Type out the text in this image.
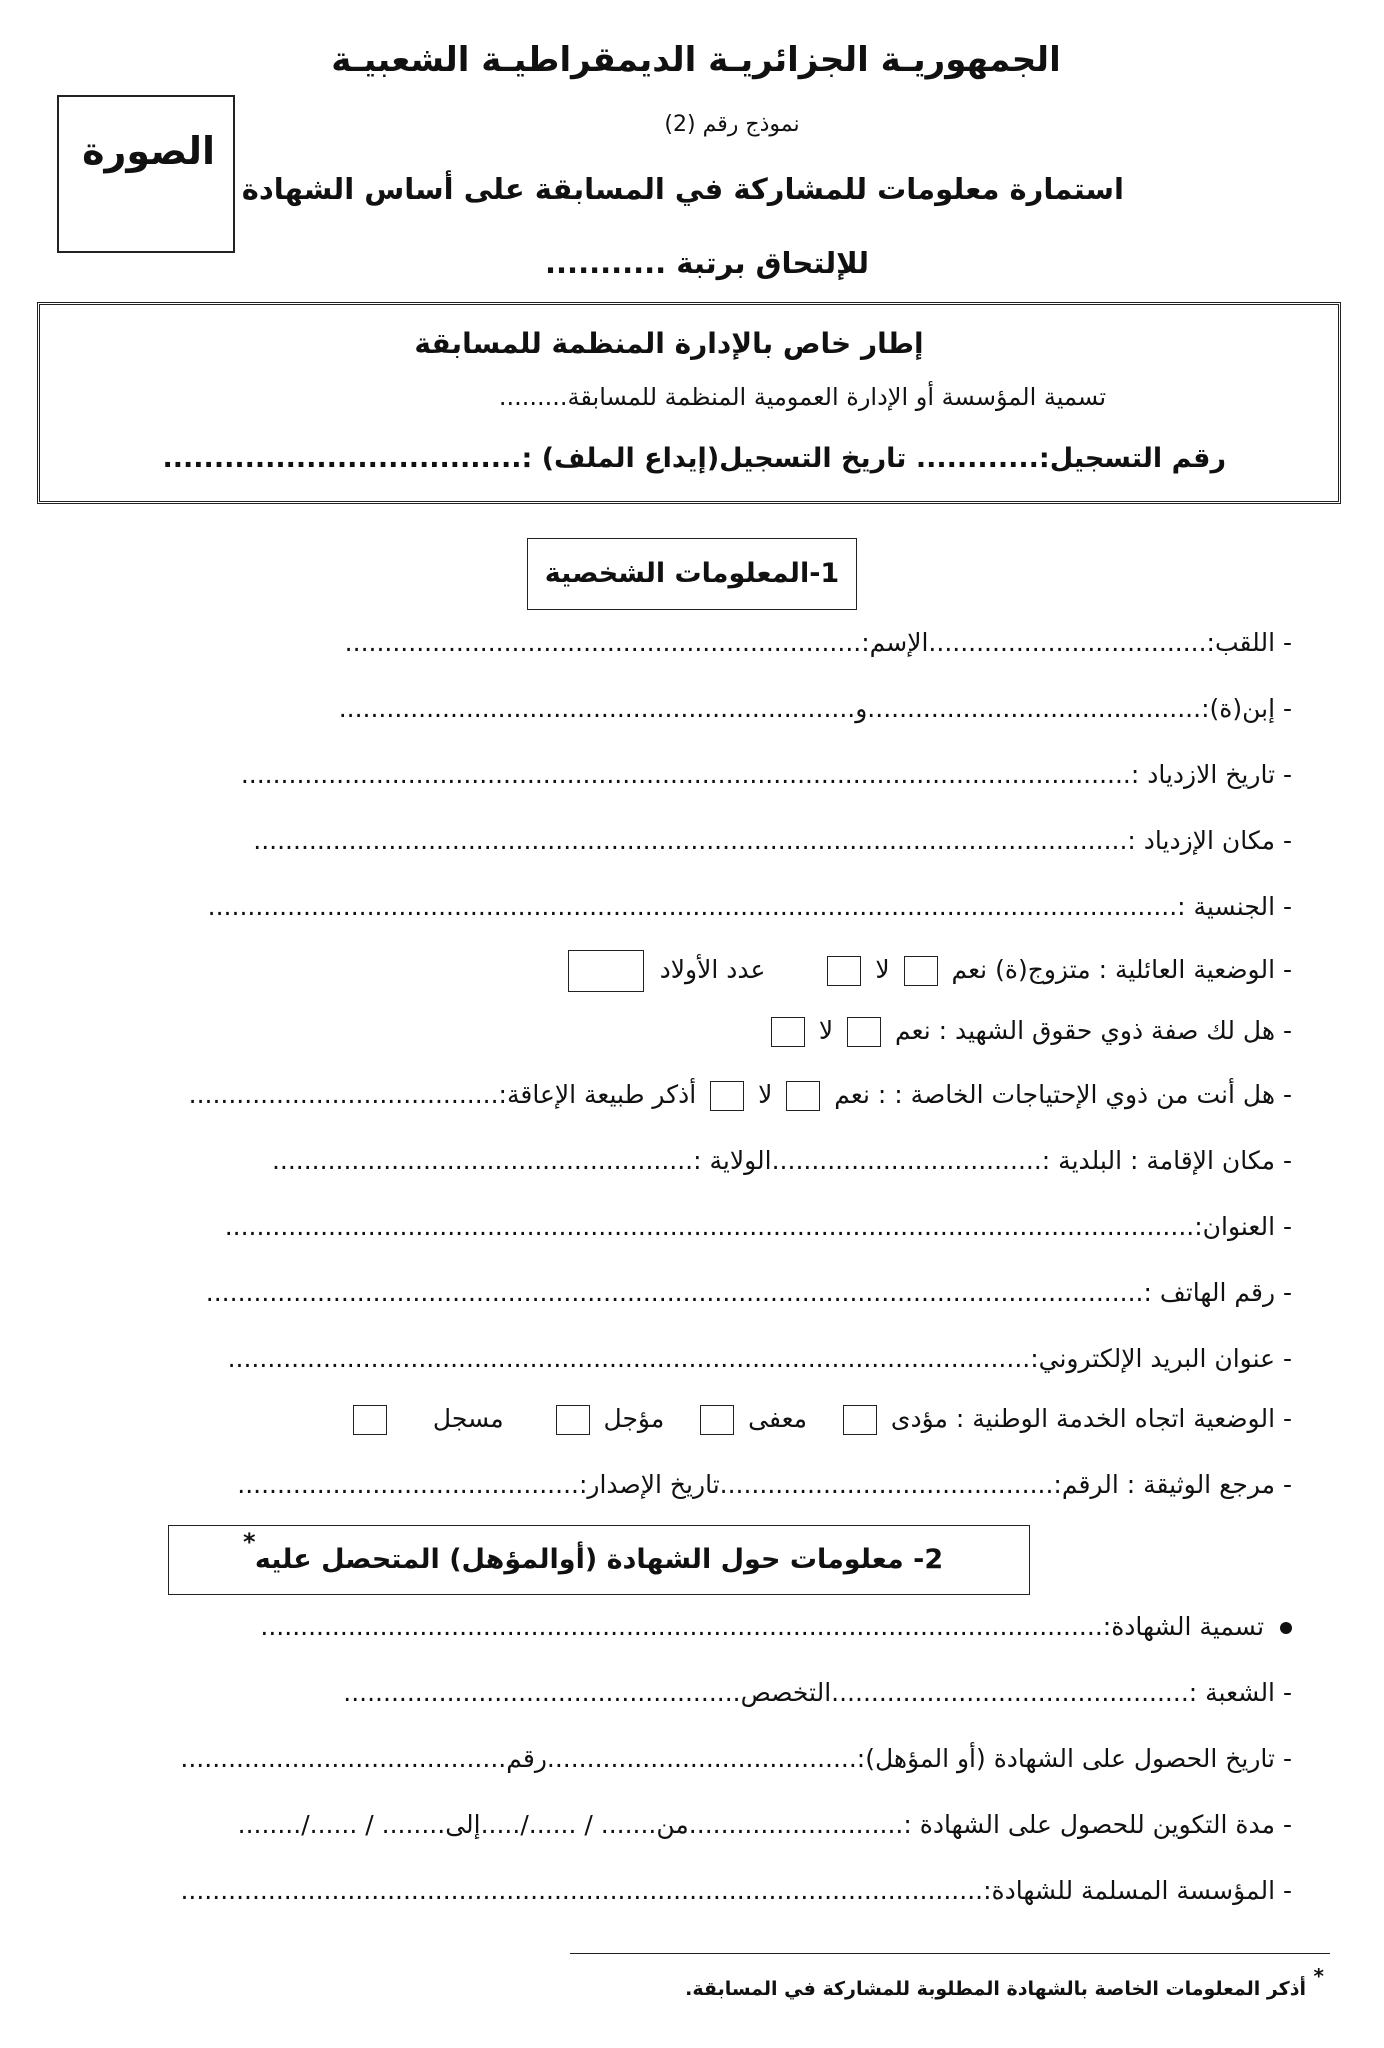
الجمهوريـة الجزائريـة الديمقراطيـة الشعبيـة
الصورة
نموذج رقم (2)
استمارة معلومات للمشاركة في المسابقة على أساس الشهادة
للإلتحاق برتبة ...........
إطار خاص بالإدارة المنظمة للمسابقة
تسمية المؤسسة أو الإدارة العمومية المنظمة للمسابقة.........
رقم التسجيل:............ تاريخ التسجيل(إيداع الملف) :...................................
1-المعلومات الشخصية
- اللقب:...................................الإسم:.................................................................
- إبن(ة):..........................................و.................................................................
- تاريخ الازدياد :................................................................................................................
- مكان الإزدياد :..............................................................................................................
- الجنسية :..........................................................................................................................
- الوضعية العائلية : متزوج(ة) نعم  لا   عدد الأولاد
- هل لك صفة ذوي حقوق الشهيد : نعم  لا
- هل أنت من ذوي الإحتياجات الخاصة : : نعم  لا  أذكر طبيعة الإعاقة:.......................................
- مكان الإقامة : البلدية :..................................الولاية :.....................................................
- العنوان:..........................................................................................................................
- رقم الهاتف :......................................................................................................................
- عنوان البريد الإلكتروني:.....................................................................................................
- الوضعية اتجاه الخدمة الوطنية : مؤدى   معفى   مؤجل   مسجل
- مرجع الوثيقة : الرقم:..........................................تاريخ الإصدار:...........................................
2- معلومات حول الشهادة (أوالمؤهل) المتحصل عليه
*
تسمية الشهادة:..........................................................................................................
- الشعبة :.............................................التخصص..................................................
- تاريخ الحصول على الشهادة (أو المؤهل):.......................................رقم.........................................
- مدة التكوين للحصول على الشهادة :...........................من....... / ....../.....إلى........ / ....../........
- المؤسسة المسلمة للشهادة:.....................................................................................................
*
أذكر المعلومات الخاصة بالشهادة المطلوبة للمشاركة في المسابقة.
